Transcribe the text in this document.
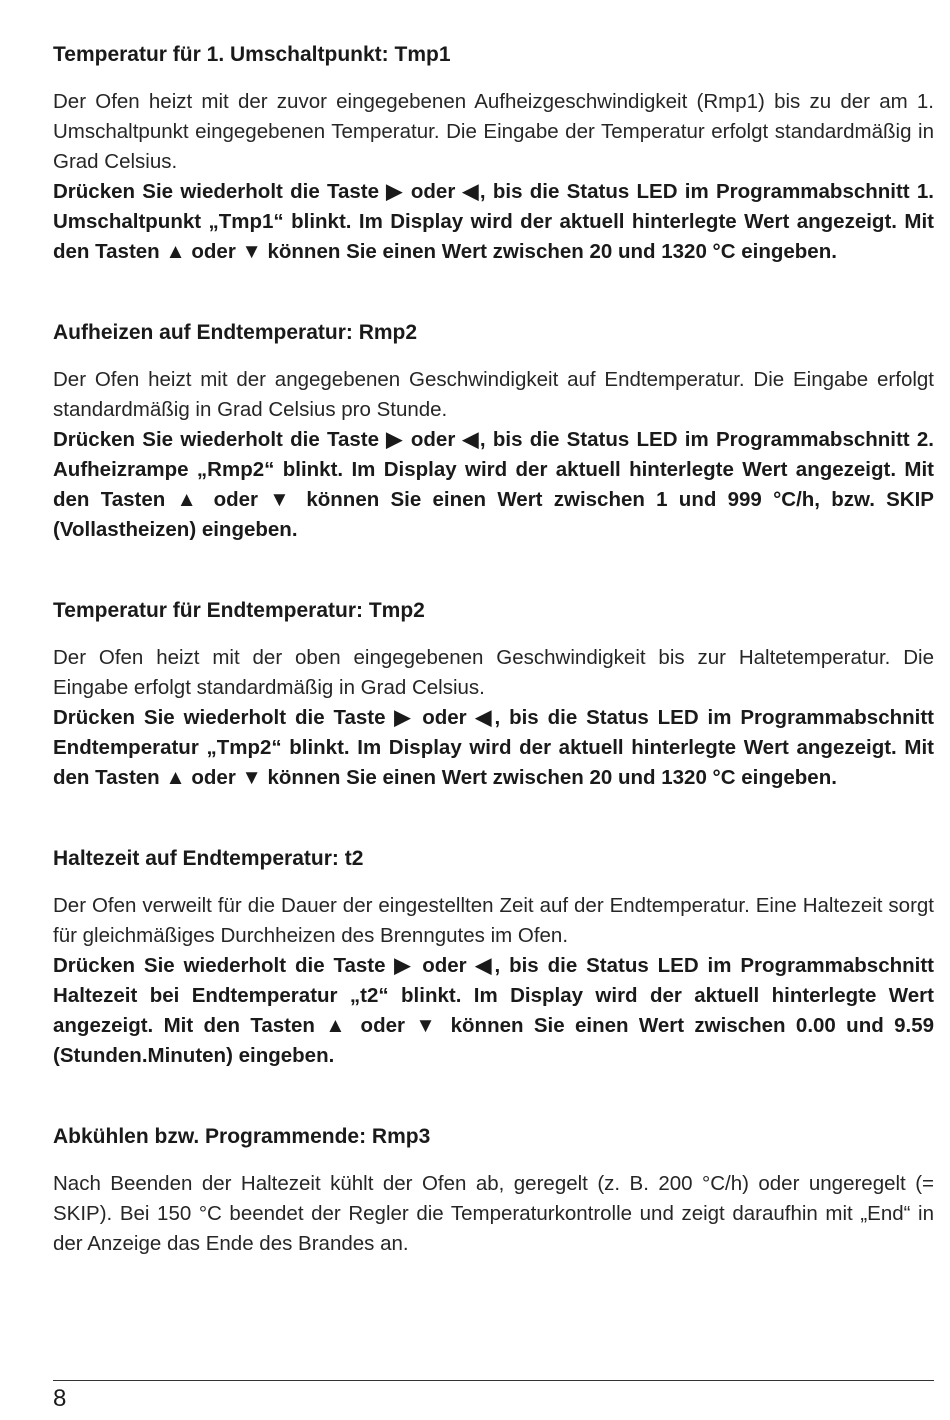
Temperatur für 1. Umschaltpunkt: Tmp1

Der Ofen heizt mit der zuvor eingegebenen Aufheizgeschwindigkeit (Rmp1) bis zu der am 1. Umschaltpunkt eingegebenen Temperatur. Die Eingabe der Temperatur erfolgt standardmäßig in Grad Celsius.

Drücken Sie wiederholt die Taste ▶ oder ◀, bis die Status LED im Programmabschnitt 1. Umschaltpunkt „Tmp1“ blinkt. Im Display wird der aktuell hinterlegte Wert angezeigt. Mit den Tasten ▲ oder ▼ können Sie einen Wert zwischen 20 und 1320 °C eingeben.

Aufheizen auf Endtemperatur: Rmp2

Der Ofen heizt mit der angegebenen Geschwindigkeit auf Endtemperatur. Die Eingabe erfolgt standardmäßig in Grad Celsius pro Stunde.

Drücken Sie wiederholt die Taste ▶ oder ◀, bis die Status LED im Programmabschnitt 2. Aufheizrampe „Rmp2“ blinkt. Im Display wird der aktuell hinterlegte Wert angezeigt. Mit den Tasten ▲ oder ▼ können Sie einen Wert zwischen 1 und 999 °C/h, bzw. SKIP (Vollastheizen) eingeben.

Temperatur für Endtemperatur: Tmp2

Der Ofen heizt mit der oben eingegebenen Geschwindigkeit bis zur Haltetemperatur. Die Eingabe erfolgt standardmäßig in Grad Celsius.

Drücken Sie wiederholt die Taste ▶ oder ◀, bis die Status LED im Programmabschnitt Endtemperatur „Tmp2“ blinkt. Im Display wird der aktuell hinterlegte Wert angezeigt. Mit den Tasten ▲ oder ▼ können Sie einen Wert zwischen 20 und 1320 °C eingeben.

Haltezeit auf Endtemperatur: t2

Der Ofen verweilt für die Dauer der eingestellten Zeit auf der Endtemperatur. Eine Haltezeit sorgt für gleichmäßiges Durchheizen des Brenngutes im Ofen.

Drücken Sie wiederholt die Taste ▶ oder ◀, bis die Status LED im Programmabschnitt Haltezeit bei Endtemperatur „t2“ blinkt. Im Display wird der aktuell hinterlegte Wert angezeigt. Mit den Tasten ▲ oder ▼ können Sie einen Wert zwischen 0.00 und 9.59 (Stunden.Minuten) eingeben.

Abkühlen bzw. Programmende: Rmp3

Nach Beenden der Haltezeit kühlt der Ofen ab, geregelt (z. B. 200 °C/h) oder ungeregelt (= SKIP). Bei 150 °C beendet der Regler die Temperaturkontrolle und zeigt daraufhin mit „End“ in der Anzeige das Ende des Brandes an.

8
